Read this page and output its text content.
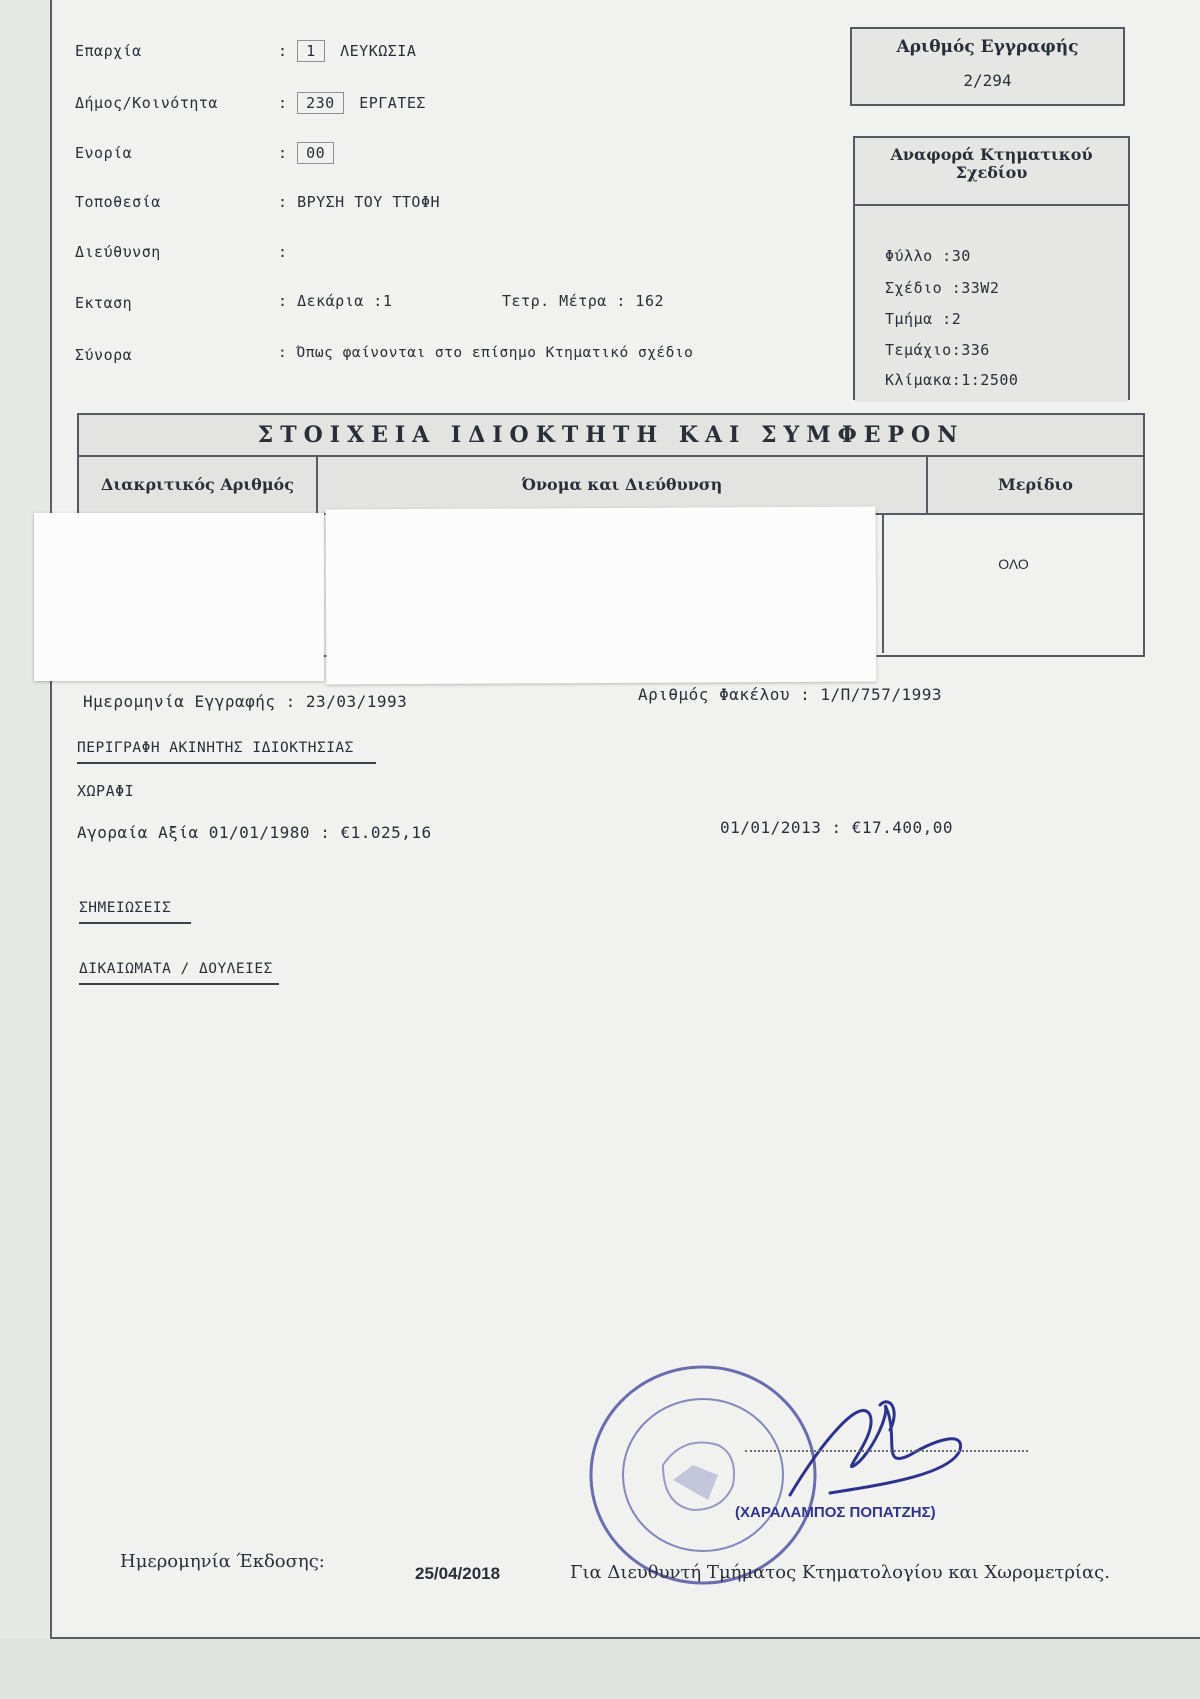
Επαρχία	: 1 ΛΕΥΚΩΣΙΑ
Δήμος/Κοινότητα	: 230 ΕΡΓΑΤΕΣ
Ενορία	: 00
Τοποθεσία	: ΒΡΥΣΗ ΤΟΥ ΤΤΟΦΗ
Διεύθυνση	:
Εκταση	: Δεκάρια :1	Τετρ. Μέτρα : 162
Σύνορα	: Όπως φαίνονται στο επίσημο Κτηματικό σχέδιο
Αριθμός Εγγραφής
2/294
Αναφορά Κτηματικού Σχεδίου
Φύλλο :30
Σχέδιο :33W2
Τμήμα :2
Τεμάχιο:336
Κλίμακα:1:2500
ΣΤΟΙΧΕΙΑ ΙΔΙΟΚΤΗΤΗ ΚΑΙ ΣΥΜΦΕΡΟΝ
Διακριτικός Αριθμός	Όνομα και Διεύθυνση	Μερίδιο
ΟΛΟ
Ημερομηνία Εγγραφής : 23/03/1993	Αριθμός Φακέλου : 1/Π/757/1993
ΠΕΡΙΓΡΑΦΗ ΑΚΙΝΗΤΗΣ ΙΔΙΟΚΤΗΣΙΑΣ
ΧΩΡΑΦΙ
Αγοραία Αξία 01/01/1980 : €1.025,16	01/01/2013 : €17.400,00
ΣΗΜΕΙΩΣΕΙΣ
ΔΙΚΑΙΩΜΑΤΑ / ΔΟΥΛΕΙΕΣ
(ΧΑΡΑΛΑΜΠΟΣ ΠΟΠΑΤΖΗΣ)
Ημερομηνία Έκδοσης:
25/04/2018	Για Διευθυντή Τμήματος Κτηματολογίου και Χωρομετρίας.
